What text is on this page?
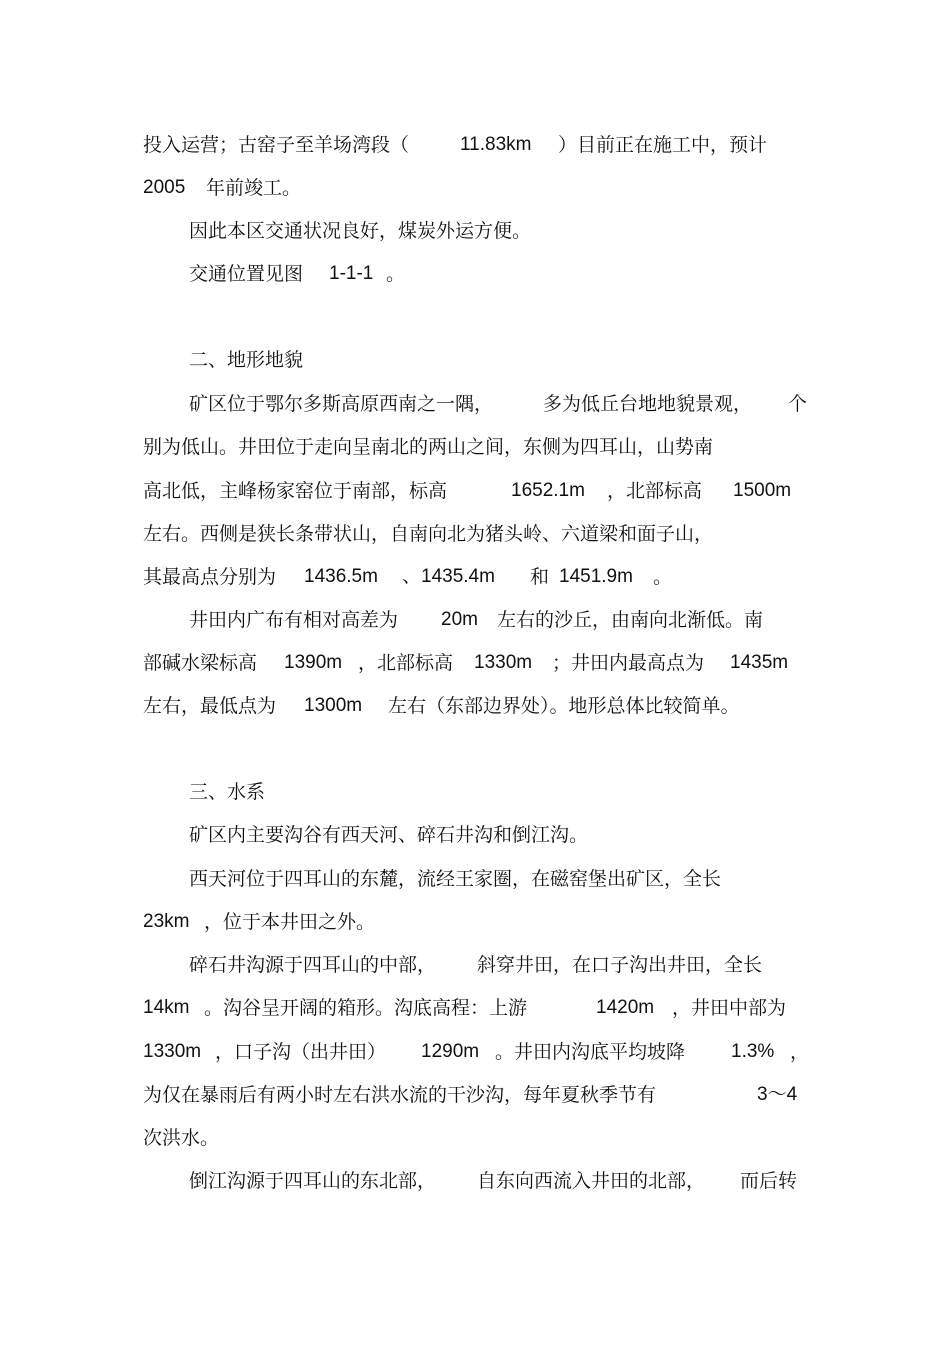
投入运营；古窑子至羊场湾段（

	11.83km

）目前正在施工中，预计

2005

年前竣工。

因此本区交通状况良好，煤炭外运方便。

交通位置见图

1-1-1

。

二、地形地貌

矿区位于鄂尔多斯高原西南之一隅，

	多为低丘台地地貌景观，

个

别为低山。井田位于走向呈南北的两山之间，东侧为四耳山，山势南

高北低，主峰杨家窑位于南部，标高

	1652.1m

，北部标高

1500m

左右。西侧是狭长条带状山，自南向北为猪头岭、六道梁和面子山，

其最高点分别为

1436.5m

、1435.4m

和

1451.9m

。

井田内广布有相对高差为

20m

左右的沙丘，由南向北渐低。南

部碱水梁标高

1390m

，北部标高

1330m

；井田内最高点为

1435m

左右，最低点为

1300m

左右（东部边界处）。地形总体比较简单。

三、水系

矿区内主要沟谷有西天河、碎石井沟和倒江沟。

西天河位于四耳山的东麓，流经王家圈，在磁窑堡出矿区，全长

23km

，位于本井田之外。

碎石井沟源于四耳山的中部，

斜穿井田，在口子沟出井田，全长

14km

。沟谷呈开阔的箱形。沟底高程：上游

	1420m

，井田中部为

1330m

，口子沟（出井田）

1290m

。井田内沟底平均坡降

1.3%

，

为仅在暴雨后有两小时左右洪水流的干沙沟，每年夏秋季节有

	3～4

次洪水。

倒江沟源于四耳山的东北部，

自东向西流入井田的北部，

而后转
